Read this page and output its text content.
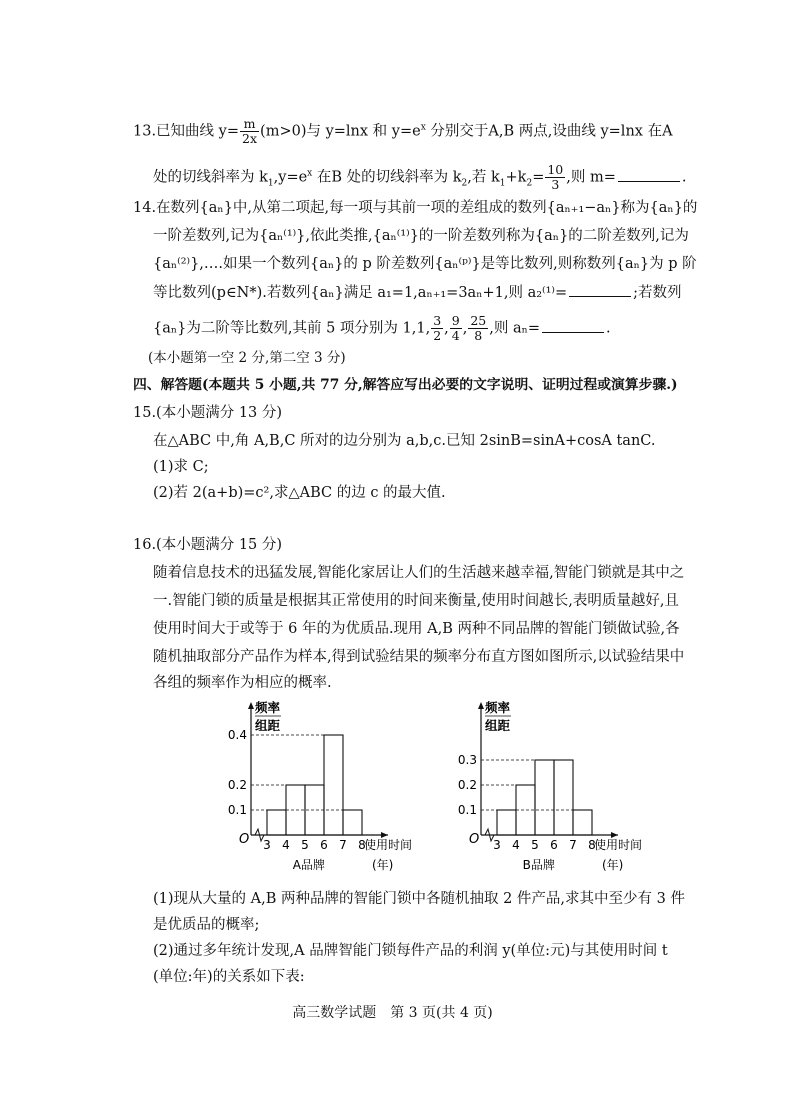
13.已知曲线 $y= \frac{m}{2x} (m>0)$与 y=lnx 和 $y=e^x$ 分别交于A,B 两点,设曲线 y=lnx 在A
处的切线斜率为 $k_1,y=e^x$ 在B 处的切线斜率为 $k_2$,若 $k_1+k_2= \frac{10}{3}$ ,则 m=	.
14.在数列{aₙ}中,从第二项起,每一项与其前一项的差组成的数列{aₙ₊₁−aₙ}称为{aₙ}的
一阶差数列,记为{aₙ⁽¹⁾},依此类推,{aₙ⁽¹⁾}的一阶差数列称为{aₙ}的二阶差数列,记为
{aₙ⁽²⁾},….如果一个数列{aₙ}的 p 阶差数列{aₙ⁽ᵖ⁾}是等比数列,则称数列{aₙ}为 p 阶
等比数列(p∈N*).若数列{aₙ}满足 a₁=1,aₙ₊₁=3aₙ+1,则 a₂⁽¹⁾=	;若数列
{aₙ}为二阶等比数列,其前 5 项分别为 1,1, $\frac{3}{2}$ , $\frac{9}{4}$ , $\frac{25}{8}$ ,则 aₙ=	.
(本小题第一空 2 分,第二空 3 分)
四、解答题(本题共 5 小题,共 77 分,解答应写出必要的文字说明、证明过程或演算步骤.)
15.(本小题满分 13 分)
在△ABC 中,角 A,B,C 所对的边分别为 a,b,c.已知 2sinB=sinA+cosA tanC.
(1)求 C;
(2)若 2(a+b)=c²,求△ABC 的边 c 的最大值.
16.(本小题满分 15 分)
随着信息技术的迅猛发展,智能化家居让人们的生活越来越幸福,智能门锁就是其中之
一.智能门锁的质量是根据其正常使用的时间来衡量,使用时间越长,表明质量越好,且
使用时间大于或等于 6 年的为优质品.现用 A,B 两种不同品牌的智能门锁做试验,各
随机抽取部分产品作为样本,得到试验结果的频率分布直方图如图所示,以试验结果中
各组的频率作为相应的概率.
频率
组距
O
0.1
0.2
0.4
3 4 5 6 7 8
使用时间
(年)
A品牌
频率
组距
O
0.1
0.2
0.3
3 4 5 6 7 8
使用时间
(年)
B品牌
(1)现从大量的 A,B 两种品牌的智能门锁中各随机抽取 2 件产品,求其中至少有 3 件
是优质品的概率;
(2)通过多年统计发现,A 品牌智能门锁每件产品的利润 y(单位:元)与其使用时间 t
(单位:年)的关系如下表:
高三数学试题　第 3 页(共 4 页)
